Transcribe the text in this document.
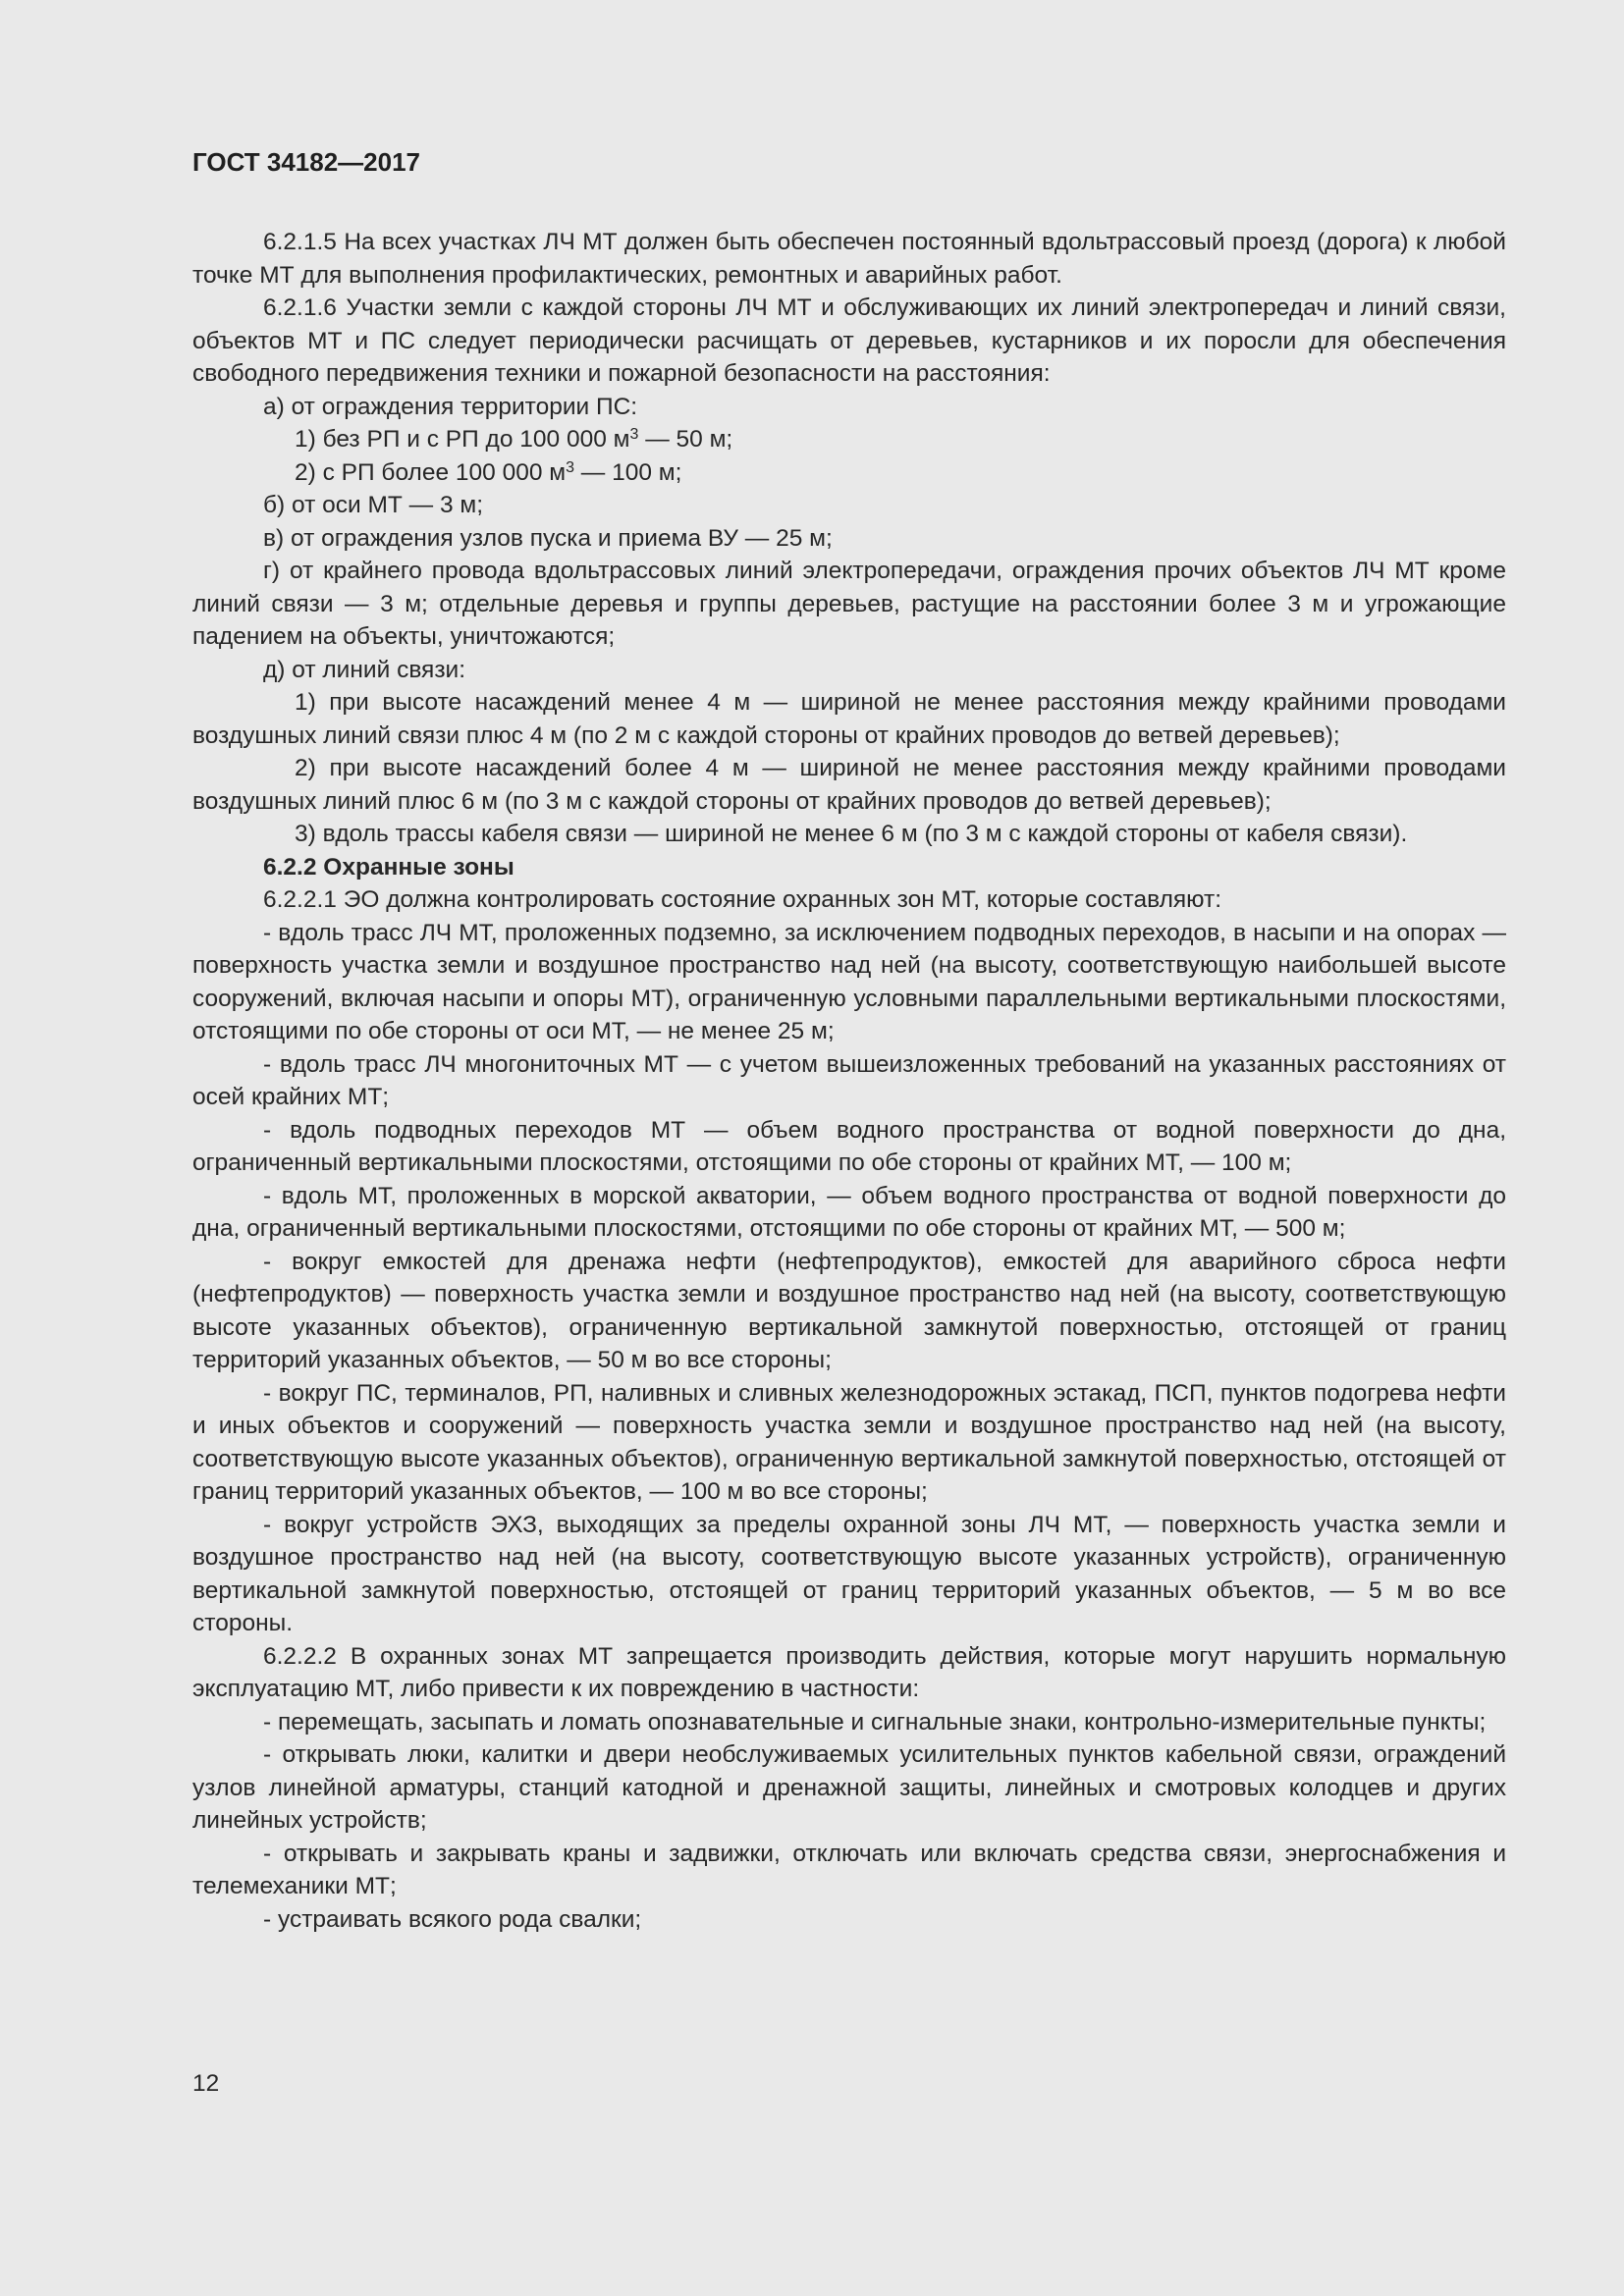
ГОСТ 34182—2017

6.2.1.5 На всех участках ЛЧ МТ должен быть обеспечен постоянный вдольтрассовый проезд (дорога) к любой точке МТ для выполнения профилактических, ремонтных и аварийных работ.

6.2.1.6 Участки земли с каждой стороны ЛЧ МТ и обслуживающих их линий электропередач и линий связи, объектов МТ и ПС следует периодически расчищать от деревьев, кустарников и их поросли для обеспечения свободного передвижения техники и пожарной безопасности на расстояния:

а) от ограждения территории ПС:

1) без РП и с РП до 100 000 $м^3$ — 50 м;

2) с РП более 100 000 $м^3$ — 100 м;

б) от оси МТ — 3 м;

в) от ограждения узлов пуска и приема ВУ — 25 м;

г) от крайнего провода вдольтрассовых линий электропередачи, ограждения прочих объектов ЛЧ МТ кроме линий связи — 3 м; отдельные деревья и группы деревьев, растущие на расстоянии более 3 м и угрожающие падением на объекты, уничтожаются;

д) от линий связи:

1) при высоте насаждений менее 4 м — шириной не менее расстояния между крайними проводами воздушных линий связи плюс 4 м (по 2 м с каждой стороны от крайних проводов до ветвей деревьев);

2) при высоте насаждений более 4 м — шириной не менее расстояния между крайними проводами воздушных линий плюс 6 м (по 3 м с каждой стороны от крайних проводов до ветвей деревьев);

3) вдоль трассы кабеля связи — шириной не менее 6 м (по 3 м с каждой стороны от кабеля связи).

6.2.2 Охранные зоны

6.2.2.1 ЭО должна контролировать состояние охранных зон МТ, которые составляют:

- вдоль трасс ЛЧ МТ, проложенных подземно, за исключением подводных переходов, в насыпи и на опорах — поверхность участка земли и воздушное пространство над ней (на высоту, соответствующую наибольшей высоте сооружений, включая насыпи и опоры МТ), ограниченную условными параллельными вертикальными плоскостями, отстоящими по обе стороны от оси МТ, — не менее 25 м;

- вдоль трасс ЛЧ многониточных МТ — с учетом вышеизложенных требований на указанных расстояниях от осей крайних МТ;

- вдоль подводных переходов МТ — объем водного пространства от водной поверхности до дна, ограниченный вертикальными плоскостями, отстоящими по обе стороны от крайних МТ, — 100 м;

- вдоль МТ, проложенных в морской акватории, — объем водного пространства от водной поверхности до дна, ограниченный вертикальными плоскостями, отстоящими по обе стороны от крайних МТ, — 500 м;

- вокруг емкостей для дренажа нефти (нефтепродуктов), емкостей для аварийного сброса нефти (нефтепродуктов) — поверхность участка земли и воздушное пространство над ней (на высоту, соответствующую высоте указанных объектов), ограниченную вертикальной замкнутой поверхностью, отстоящей от границ территорий указанных объектов, — 50 м во все стороны;

- вокруг ПС, терминалов, РП, наливных и сливных железнодорожных эстакад, ПСП, пунктов подогрева нефти и иных объектов и сооружений — поверхность участка земли и воздушное пространство над ней (на высоту, соответствующую высоте указанных объектов), ограниченную вертикальной замкнутой поверхностью, отстоящей от границ территорий указанных объектов, — 100 м во все стороны;

- вокруг устройств ЭХЗ, выходящих за пределы охранной зоны ЛЧ МТ, — поверхность участка земли и воздушное пространство над ней (на высоту, соответствующую высоте указанных устройств), ограниченную вертикальной замкнутой поверхностью, отстоящей от границ территорий указанных объектов, — 5 м во все стороны.

6.2.2.2 В охранных зонах МТ запрещается производить действия, которые могут нарушить нормальную эксплуатацию МТ, либо привести к их повреждению в частности:

- перемещать, засыпать и ломать опознавательные и сигнальные знаки, контрольно-измерительные пункты;

- открывать люки, калитки и двери необслуживаемых усилительных пунктов кабельной связи, ограждений узлов линейной арматуры, станций катодной и дренажной защиты, линейных и смотровых колодцев и других линейных устройств;

- открывать и закрывать краны и задвижки, отключать или включать средства связи, энергоснабжения и телемеханики МТ;

- устраивать всякого рода свалки;

12
